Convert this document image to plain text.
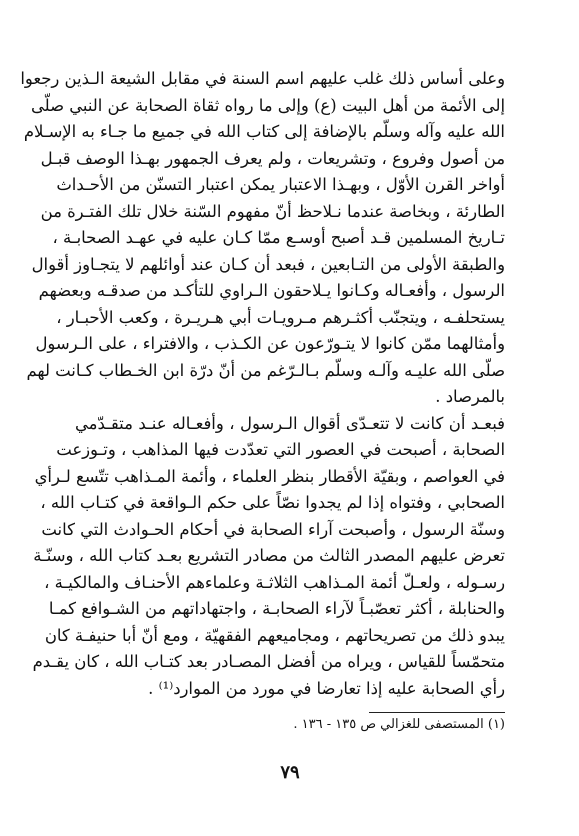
وعلى أساس ذلك غلب عليهم اسم السنة في مقابل الشيعة الـذين رجعوا
إلى الأئمة من أهل البيت (ع) وإلى ما رواه ثقاة الصحابة عن النبي صلّى
الله عليه وآله وسلّم بالإضافة إلى كتاب الله في جميع ما جـاء به الإسـلام
من أصول وفروع ، وتشريعات ، ولم يعرف الجمهور بهـذا الوصف قبـل
أواخر القرن الأوّل ، وبهـذا الاعتبار يمكن اعتبار التسنّن من الأحـداث
الطارئة ، وبخاصة عندما نـلاحظ أنّ مفهوم السّنة خلال تلك الفتـرة من
تـاريخ المسلمين قـد أصبح أوسـع ممّا كـان عليه في عهـد الصحابـة ،
والطبقة الأولى من التـابعين ، فبعد أن كـان عند أوائلهم لا يتجـاوز أقوال
الرسول ، وأفعـاله وكـانوا يـلاحقون الـراوي للتأكـد من صدقـه وبعضهم
يستحلفـه ، ويتجنّب أكثـرهم مـرويـات أبي هـريـرة ، وكعب الأحبـار ،
وأمثالهما ممّن كانوا لا يتـورّعون عن الكـذب ، والافتراء ، على الـرسول
صلّى الله عليـه وآلـه وسلّم بـالـرّغم من أنّ درّة ابن الخـطاب كـانت لهم
بالمرصاد .
فبعـد أن كانت لا تتعـدّى أقوال الـرسول ، وأفعـاله عنـد متقـدّمي
الصحابة ، أصبحت في العصور التي تعدّدت فيها المذاهب ، وتـوزعت
في العواصم ، وبقيّة الأقطار بنظر العلماء ، وأئمة المـذاهب تتّسع لـرأي
الصحابي ، وفتواه إذا لم يجدوا نصّاً على حكم الـواقعة في كتـاب الله ،
وسنّة الرسول ، وأصبحت آراء الصحابة في أحكام الحـوادث التي كانت
تعرض عليهم المصدر الثالث من مصادر التشريع بعـد كتاب الله ، وسنّـة
رسـوله ، ولعـلّ أئمة المـذاهب الثلاثـة وعلماءهم الأحنـاف والمالكيـة ،
والحنابلة ، أكثر تعصّبـاً لآراء الصحابـة ، واجتهاداتهم من الشـوافع كمـا
يبدو ذلك من تصريحاتهم ، ومجاميعهم الفقهيّة ، ومع أنّ أبا حنيفـة كان
متحمّساً للقياس ، ويراه من أفضل المصـادر بعد كتـاب الله ، كان يقـدم
رأي الصحابة عليه إذا تعارضا في مورد من الموارد⁽¹⁾ .
(١) المستصفى للغزالي ص ١٣٥ - ١٣٦ .
٧٩
